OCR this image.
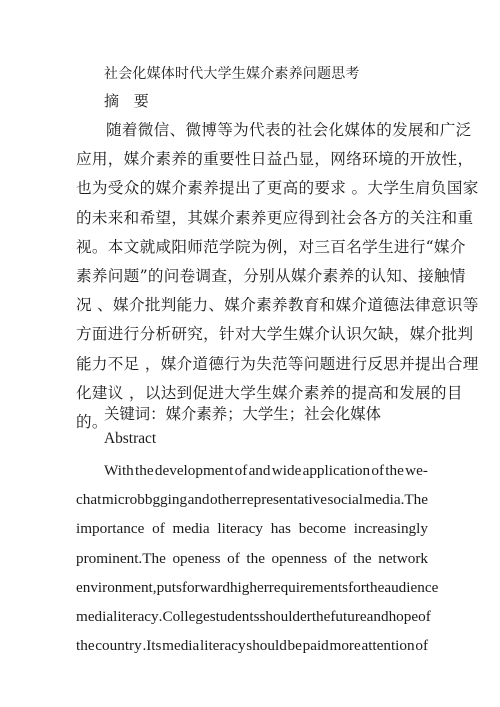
社会化媒体时代大学生媒介素养问题思考
摘 要
随着微信、微博等为代表的社会化媒体的发展和广泛
应用，媒介素养的重要性日益凸显，网络环境的开放性，
也为受众的媒介素养提出了更高的要求 。大学生肩负国家
的未来和希望，其媒介素养更应得到社会各方的关注和重
视。本文就咸阳师范学院为例，对三百名学生进行“媒介
素养问题”的问卷调查，分别从媒介素养的认知、接触情
况 、媒介批判能力、媒介素养教育和媒介道德法律意识等
方面进行分析研究，针对大学生媒介认识欠缺，媒介批判
能力不足 ，媒介道德行为失范等问题进行反思并提出合理
化建议 ，以达到促进大学生媒介素养的提高和发展的目
的。
关键词：媒介素养；大学生；社会化媒体
Abstract
With the development of and wide application of the we-
chat microbbgging and other representative social media.The
importance of media literacy has become increasingly
prominent.The openess of the openness of the network
environment, putsforward higher requirements for the audience
media literacy .College students shoulder the future and hope of
the country .Its media literacy should be paid more attention of
